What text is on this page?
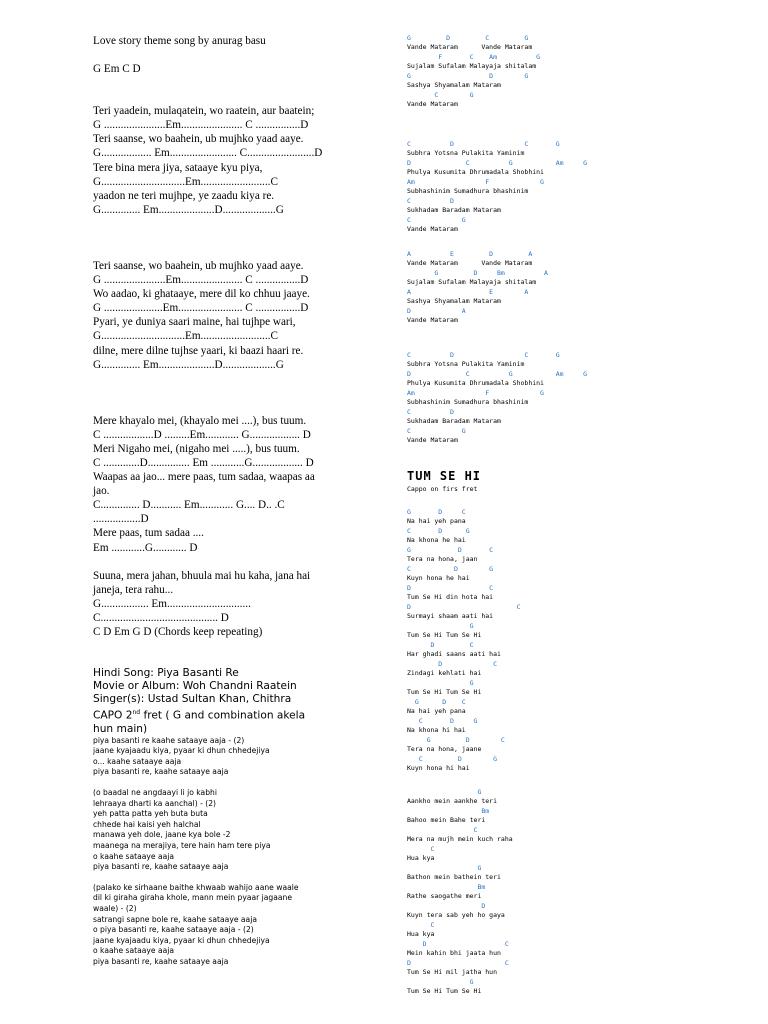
Love story theme song by anurag basu
G Em C D
Teri yaadein, mulaqatein, wo raatein, aur baatein;
G ......................Em...................... C ................D
Teri saanse, wo baahein, ub mujhko yaad aaye.
G.................. Em........................ C........................D
Tere bina mera jiya, sataaye kyu piya,
G..............................Em.........................C
yaadon ne teri mujhpe, ye zaadu kiya re.
G.............. Em....................D...................G
Teri saanse, wo baahein, ub mujhko yaad aaye.
G ......................Em...................... C ................D
Wo aadao, ki ghataaye, mere dil ko chhuu jaaye.
G .....................Em....................... C ................D
Pyari, ye duniya saari maine, hai tujhpe wari,
G..............................Em.........................C
dilne, mere dilne tujhse yaari, ki baazi haari re.
G.............. Em....................D...................G
Mere khayalo mei, (khayalo mei ....), bus tuum.
C ..................D .........Em............ G.................. D
Meri Nigaho mei, (nigaho mei .....), bus tuum.
C .............D............... Em ............G.................. D
Waapas aa jao... mere paas, tum sadaa, waapas aa
jao.
C.............. D........... Em............ G.... D.. .C
.................D
Mere paas, tum sadaa ....
Em ............G............ D
Suuna, mera jahan, bhuula mai hu kaha, jana hai
janeja, tera rahu...
G................. Em..............................
C.......................................... D
C D Em G D (Chords keep repeating)
Hindi Song: Piya Basanti Re
Movie or Album: Woh Chandni Raatein
Singer(s): Ustad Sultan Khan, Chithra
CAPO 2nd fret ( G and combination akela
hun main)
piya basanti re kaahe sataaye aaja - (2)
jaane kyajaadu kiya, pyaar ki dhun chhedejiya
o... kaahe sataaye aaja
piya basanti re, kaahe sataaye aaja
(o baadal ne angdaayi li jo kabhi
lehraaya dharti ka aanchal) - (2)
yeh patta patta yeh buta buta
chhede hai kaisi yeh halchal
manawa yeh dole, jaane kya bole -2
maanega na merajiya, tere hain ham tere piya
o kaahe sataaye aaja
piya basanti re, kaahe sataaye aaja
(palako ke sirhaane baithe khwaab wahijo aane waale
dil ki giraha giraha khole, mann mein pyaar jagaane
waale) - (2)
satrangi sapne bole re, kaahe sataaye aaja
o piya basanti re, kaahe sataaye aaja - (2)
jaane kyajaadu kiya, pyaar ki dhun chhedejiya
o kaahe sataaye aaja
piya basanti re, kaahe sataaye aaja
G         D         C         G
Vande Mataram      Vande Mataram
F       C    Am          G
Sujalam Sufalam Malayaja shitalam
G                    D        G
Sashya Shyamalam Mataram
C        G
Vande Mataram
C          D                  C       G
Subhra Yotsna Pulakita Yaminim
D              C          G           Am     G
Phulya Kusumita Dhrumadala Shobhini
Am                  F             G
Subhashinim Sumadhura bhashinim
C          D
Sukhadam Baradam Mataram
C             G
Vande Mataram
A          E         D         A
Vande Mataram      Vande Mataram
G         D     Bm          A
Sujalam Sufalam Malayaja shitalam
A                    E        A
Sashya Shyamalam Mataram
D             A
Vande Mataram
C          D                  C       G
Subhra Yotsna Pulakita Yaminim
D              C          G           Am     G
Phulya Kusumita Dhrumadala Shobhini
Am                  F             G
Subhashinim Sumadhura bhashinim
C          D
Sukhadam Baradam Mataram
C             G
Vande Mataram
TUM SE HI
Cappo on firs fret
G       D     C
Na hai yeh pana
C       D      G
Na khona he hai
G            D       C
Tera na hona, jaan
C           D        G
Kuyn hona he hai
D                    C
Tum Se Hi din hota hai
D                           C
Surmayi shaam aati hai
G
Tum Se Hi Tum Se Hi
D         C
Har ghadi saans aati hai
D             C
Zindagi kehlati hai
G
Tum Se Hi Tum Se Hi
G      D    C
Na hai yeh pana
C       D     G
Na khona hi hai
G         D        C
Tera na hona, jaane
C         D        G
Kuyn hona hi hai
G
Aankho mein aankhe teri
Bm
Bahoo mein Bahe teri
C
Mera na mujh mein kuch raha
C
Hua kya
G
Bathon mein bathein teri
Bm
Rathe saogathe meri
D
Kuyn tera sab yeh ho gaya
C
Hua kya
D                    C
Mein kahin bhi jaata hun
D                        C
Tum Se Hi mil jatha hun
G
Tum Se Hi Tum Se Hi
